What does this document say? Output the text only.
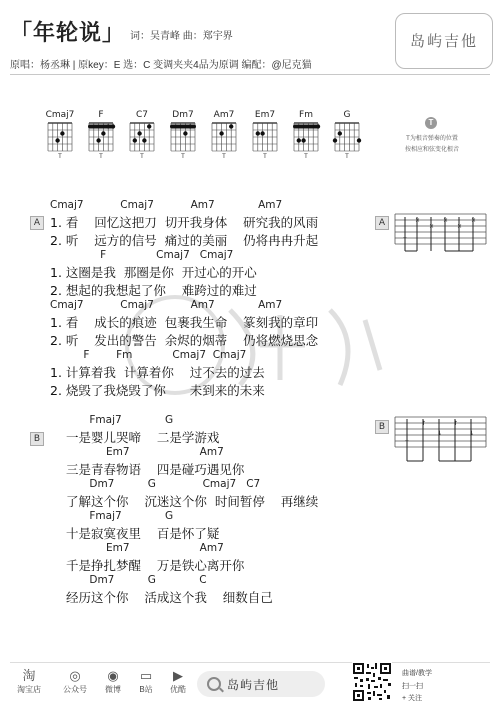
「年轮说」 词：吴青峰 曲：郑宇界
原唱：杨丞琳 | 原key：E 选：C 变调夹夹4品为原调 编配：@尼克猫
岛屿吉他
Cmaj7
T
F
T
C7
T
Dm7
T
Am7
T
Em7
T
Fm
T
G
T
T
T为根音弹奏的位置
按相应和弦变化根音
A	A
B
B
T
×
×
×
×
×
T
↑
↓
↑
↓
Cmaj7           Cmaj7           Am7             Am7
1. 看    回忆这把刀  切开我身体    研究我的风雨
2. 听    远方的信号  痛过的美丽    仍将冉冉升起
F               Cmaj7   Cmaj7
1. 这圈是我  那圈是你  开过心的开心
2. 想起的我想起了你    难跨过的难过
Cmaj7           Cmaj7           Am7             Am7
1. 看    成长的痕迹  包裹我生命    篆刻我的章印
2. 听    发出的警告  余烬的烟蒂    仍将燃烧思念
F        Fm            Cmaj7  Cmaj7
1. 计算着我  计算着你    过不去的过去
2. 烧毁了我烧毁了你      未到来的未来
Fmaj7             G
一是婴儿哭啼    二是学游戏
Em7                     Am7
三是青春物语    四是碰巧遇见你
Dm7          G              Cmaj7   C7
了解这个你    沉迷这个你  时间暂停    再继续
Fmaj7             G
十是寂寞夜里    百是怀了疑
Em7                     Am7
千是挣扎梦醒    万是铁心离开你
Dm7          G             C
经历这个你    活成这个我    细数自己
淘
淘宝店
◎
公众号
◉
微博
▭
B站
▶
优酷	岛屿吉他
曲谱/教学
扫一扫
+ 关注
